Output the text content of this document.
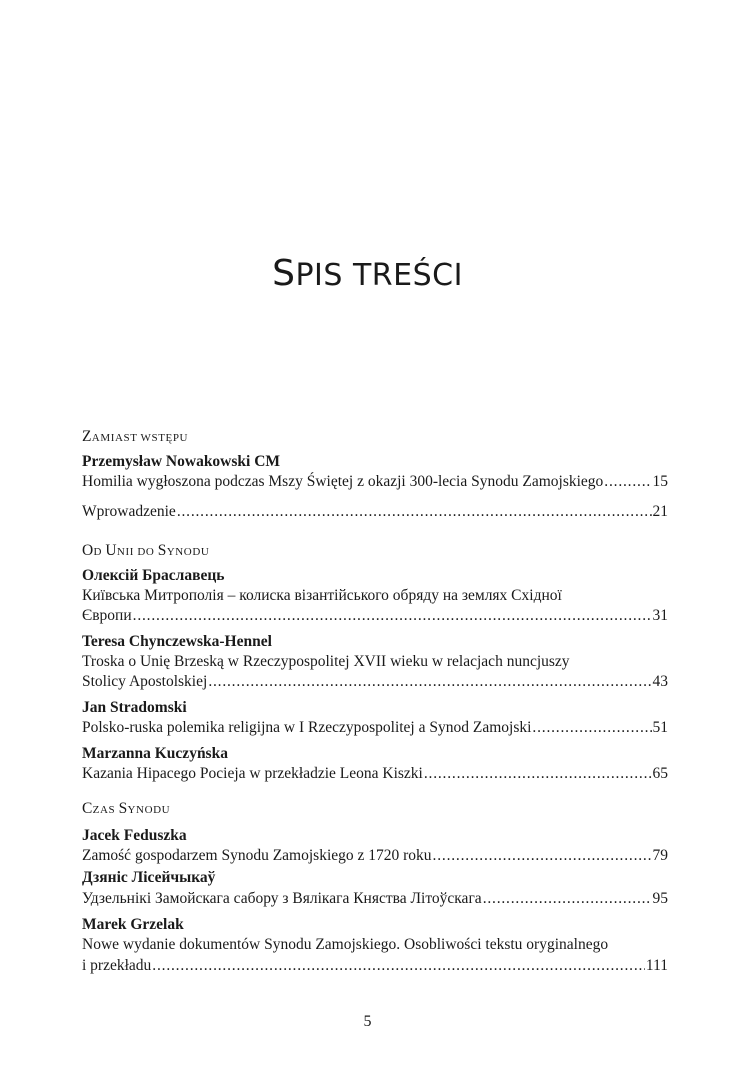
SPIS TREŚCI
ZAMIAST WSTĘPU
Przemysław Nowakowski CM
Homilia wygłoszona podczas Mszy Świętej z okazji 300-lecia Synodu Zamojskiego .....	15
Wprowadzenie .....	21
OD UNII DO SYNODU
Олексій Браславець
Київська Митрополія – колиска візантійського обряду на землях Східної
Європи .....	31
Teresa Chynczewska-Hennel
Troska o Unię Brzeską w Rzeczypospolitej XVII wieku w relacjach nuncjuszy
Stolicy Apostolskiej .....	43
Jan Stradomski
Polsko-ruska polemika religijna w I Rzeczypospolitej a Synod Zamojski .....	51
Marzanna Kuczyńska
Kazania Hipacego Pocieja w przekładzie Leona Kiszki .....	65
CZAS SYNODU
Jacek Feduszka
Zamość gospodarzem Synodu Zamojskiego z 1720 roku .....	79
Дзяніс Лісейчыкаў
Удзельнікі Замойскага сабору з Вялікага Княства Літоўскага .....	95
Marek Grzelak
Nowe wydanie dokumentów Synodu Zamojskiego. Osobliwości tekstu oryginalnego
i przekładu .....	111
5
